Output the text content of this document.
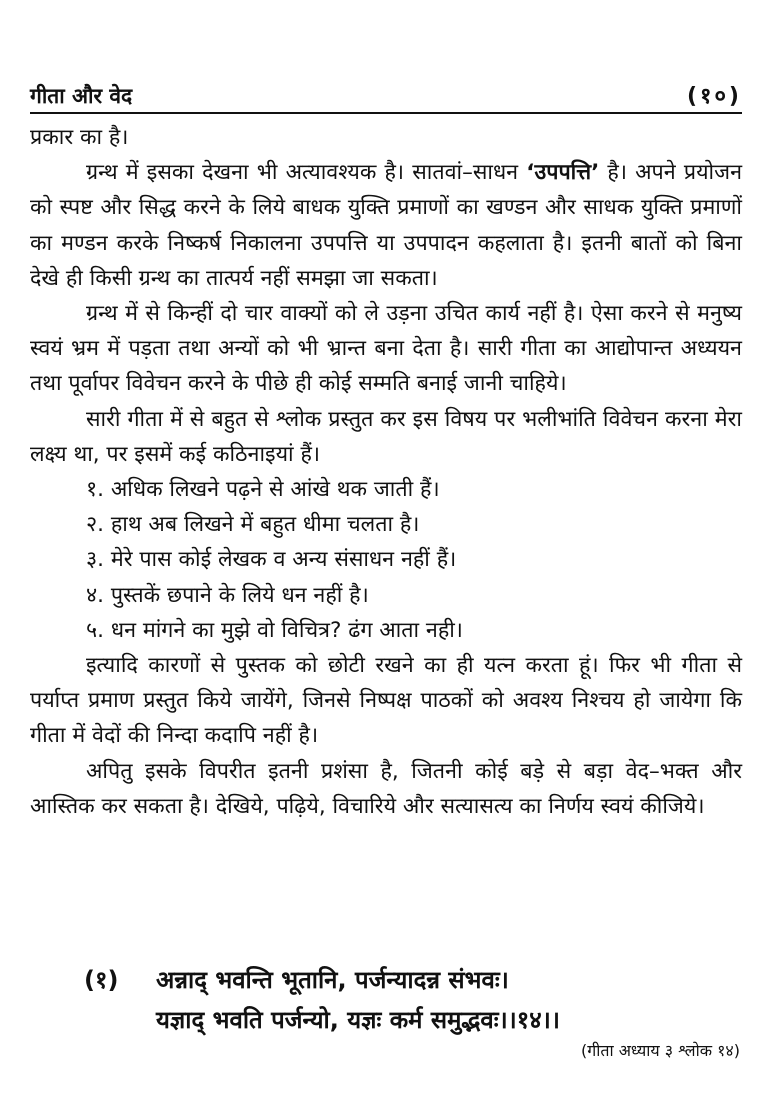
गीता और वेद	(१०)

प्रकार का है।

ग्रन्थ में इसका देखना भी अत्यावश्यक है। सातवां–साधन ‘उपपत्ति’ है। अपने प्रयोजन को स्पष्ट और सिद्ध करने के लिये बाधक युक्ति प्रमाणों का खण्डन और साधक युक्ति प्रमाणों का मण्डन करके निष्कर्ष निकालना उपपत्ति या उपपादन कहलाता है। इतनी बातों को बिना देखे ही किसी ग्रन्थ का तात्पर्य नहीं समझा जा सकता।

ग्रन्थ में से किन्हीं दो चार वाक्यों को ले उड़ना उचित कार्य नहीं है। ऐसा करने से मनुष्य स्वयं भ्रम में पड़ता तथा अन्यों को भी भ्रान्त बना देता है। सारी गीता का आद्योपान्त अध्ययन तथा पूर्वापर विवेचन करने के पीछे ही कोई सम्मति बनाई जानी चाहिये।

सारी गीता में से बहुत से श्लोक प्रस्तुत कर इस विषय पर भलीभांति विवेचन करना मेरा लक्ष्य था, पर इसमें कई कठिनाइयां हैं।

१. अधिक लिखने पढ़ने से आंखे थक जाती हैं।
२. हाथ अब लिखने में बहुत धीमा चलता है।
३. मेरे पास कोई लेखक व अन्य संसाधन नहीं हैं।
४. पुस्तकें छपाने के लिये धन नहीं है।
५. धन मांगने का मुझे वो विचित्र? ढंग आता नही।

इत्यादि कारणों से पुस्तक को छोटी रखने का ही यत्न करता हूं। फिर भी गीता से पर्याप्त प्रमाण प्रस्तुत किये जायेंगे, जिनसे निष्पक्ष पाठकों को अवश्य निश्चय हो जायेगा कि गीता में वेदों की निन्दा कदापि नहीं है।

अपितु इसके विपरीत इतनी प्रशंसा है, जितनी कोई बड़े से बड़ा वेद–भक्त और आस्तिक कर सकता है। देखिये, पढ़िये, विचारिये और सत्यासत्य का निर्णय स्वयं कीजिये।

(१) अन्नाद् भवन्ति भूतानि, पर्जन्यादन्न संभवः।
यज्ञाद् भवति पर्जन्यो, यज्ञः कर्म समुद्भवः।।१४।।
(गीता अध्याय ३ श्लोक १४)
